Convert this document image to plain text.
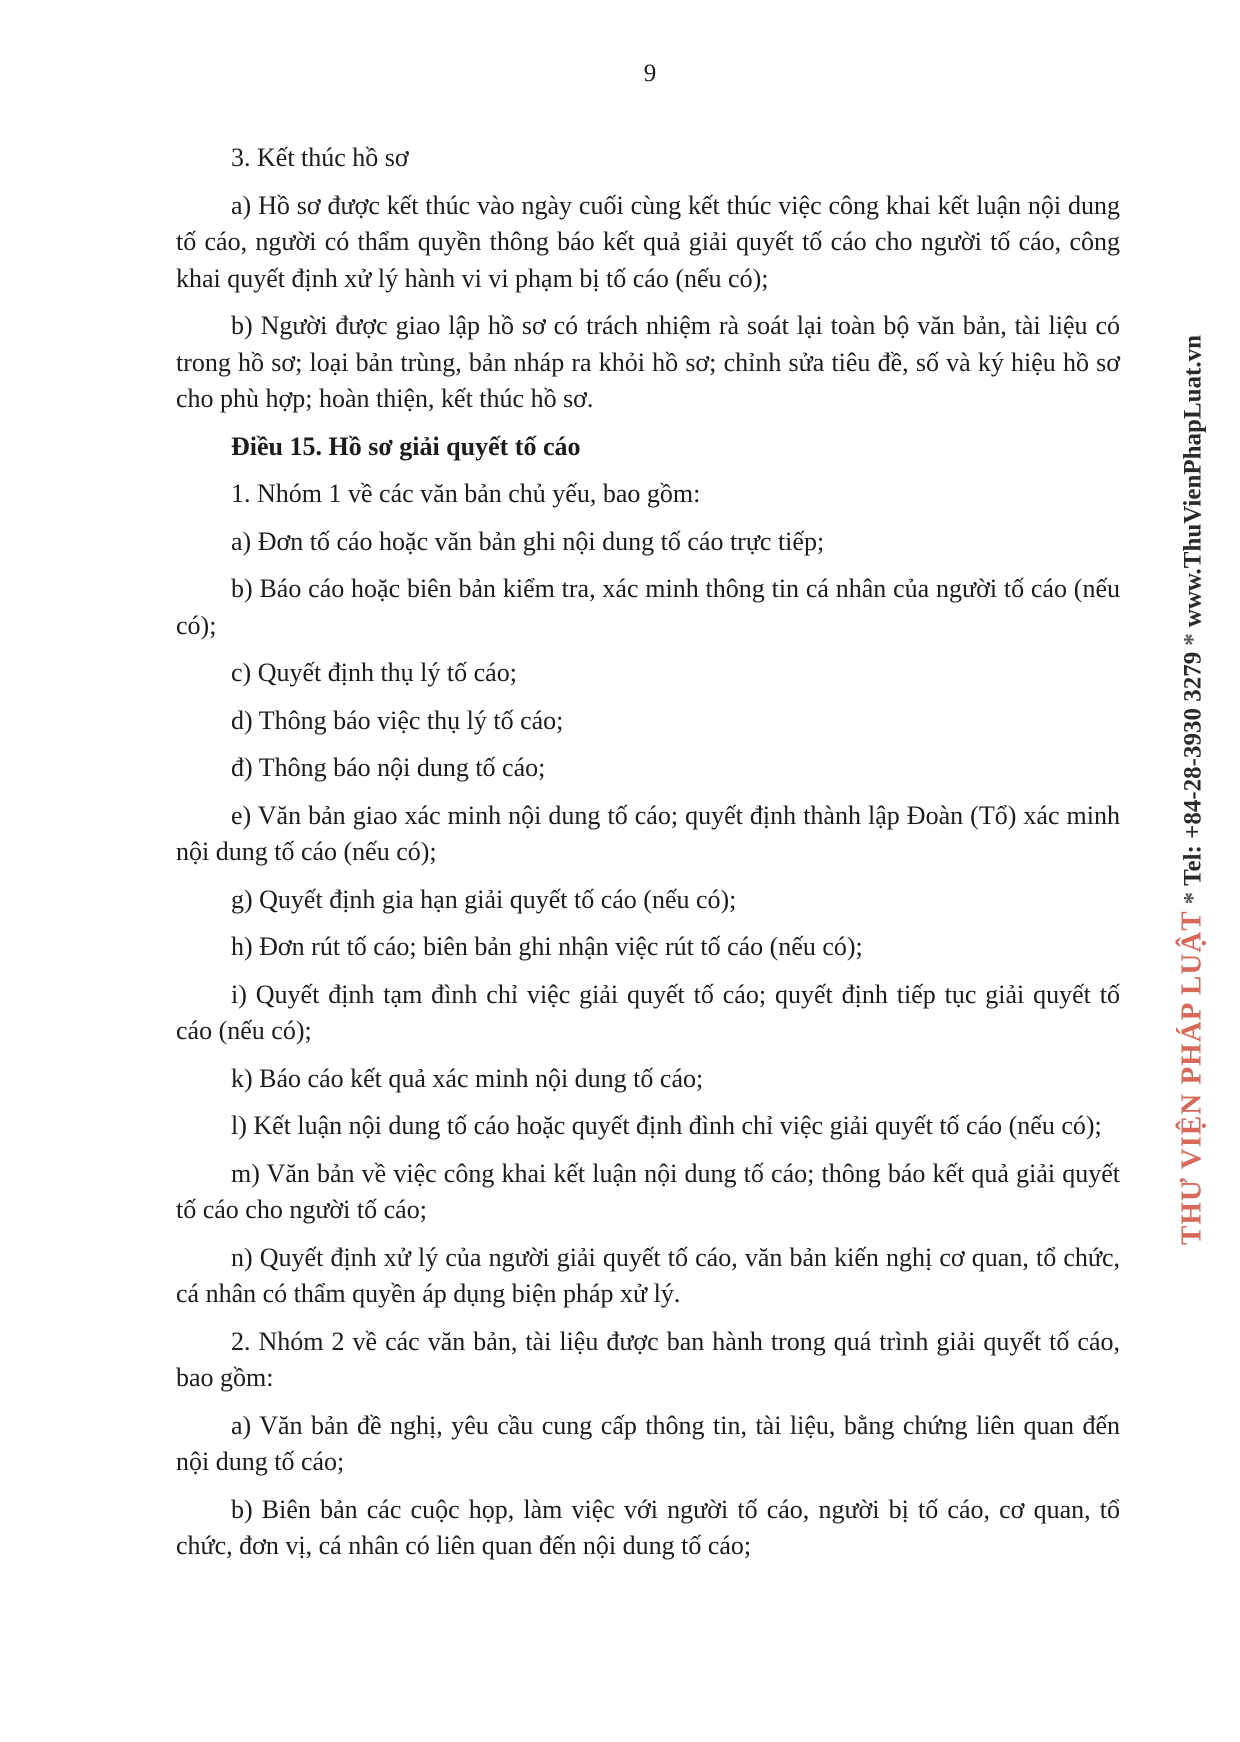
9

3. Kết thúc hồ sơ

a) Hồ sơ được kết thúc vào ngày cuối cùng kết thúc việc công khai kết luận nội dung tố cáo, người có thẩm quyền thông báo kết quả giải quyết tố cáo cho người tố cáo, công khai quyết định xử lý hành vi vi phạm bị tố cáo (nếu có);

b) Người được giao lập hồ sơ có trách nhiệm rà soát lại toàn bộ văn bản, tài liệu có trong hồ sơ; loại bản trùng, bản nháp ra khỏi hồ sơ; chỉnh sửa tiêu đề, số và ký hiệu hồ sơ cho phù hợp; hoàn thiện, kết thúc hồ sơ.

Điều 15. Hồ sơ giải quyết tố cáo

1. Nhóm 1 về các văn bản chủ yếu, bao gồm:

a) Đơn tố cáo hoặc văn bản ghi nội dung tố cáo trực tiếp;

b) Báo cáo hoặc biên bản kiểm tra, xác minh thông tin cá nhân của người tố cáo (nếu có);

c) Quyết định thụ lý tố cáo;

d) Thông báo việc thụ lý tố cáo;

đ) Thông báo nội dung tố cáo;

e) Văn bản giao xác minh nội dung tố cáo; quyết định thành lập Đoàn (Tổ) xác minh nội dung tố cáo (nếu có);

g) Quyết định gia hạn giải quyết tố cáo (nếu có);

h) Đơn rút tố cáo; biên bản ghi nhận việc rút tố cáo (nếu có);

i) Quyết định tạm đình chỉ việc giải quyết tố cáo; quyết định tiếp tục giải quyết tố cáo (nếu có);

k) Báo cáo kết quả xác minh nội dung tố cáo;

l) Kết luận nội dung tố cáo hoặc quyết định đình chỉ việc giải quyết tố cáo (nếu có);

m) Văn bản về việc công khai kết luận nội dung tố cáo; thông báo kết quả giải quyết tố cáo cho người tố cáo;

n) Quyết định xử lý của người giải quyết tố cáo, văn bản kiến nghị cơ quan, tổ chức, cá nhân có thẩm quyền áp dụng biện pháp xử lý.

2. Nhóm 2 về các văn bản, tài liệu được ban hành trong quá trình giải quyết tố cáo, bao gồm:

a) Văn bản đề nghị, yêu cầu cung cấp thông tin, tài liệu, bằng chứng liên quan đến nội dung tố cáo;

b) Biên bản các cuộc họp, làm việc với người tố cáo, người bị tố cáo, cơ quan, tổ chức, đơn vị, cá nhân có liên quan đến nội dung tố cáo;

THƯ VIỆN PHÁP LUẬT*Tel: +84-28-3930 3279*www.ThuVienPhapLuat.vn
